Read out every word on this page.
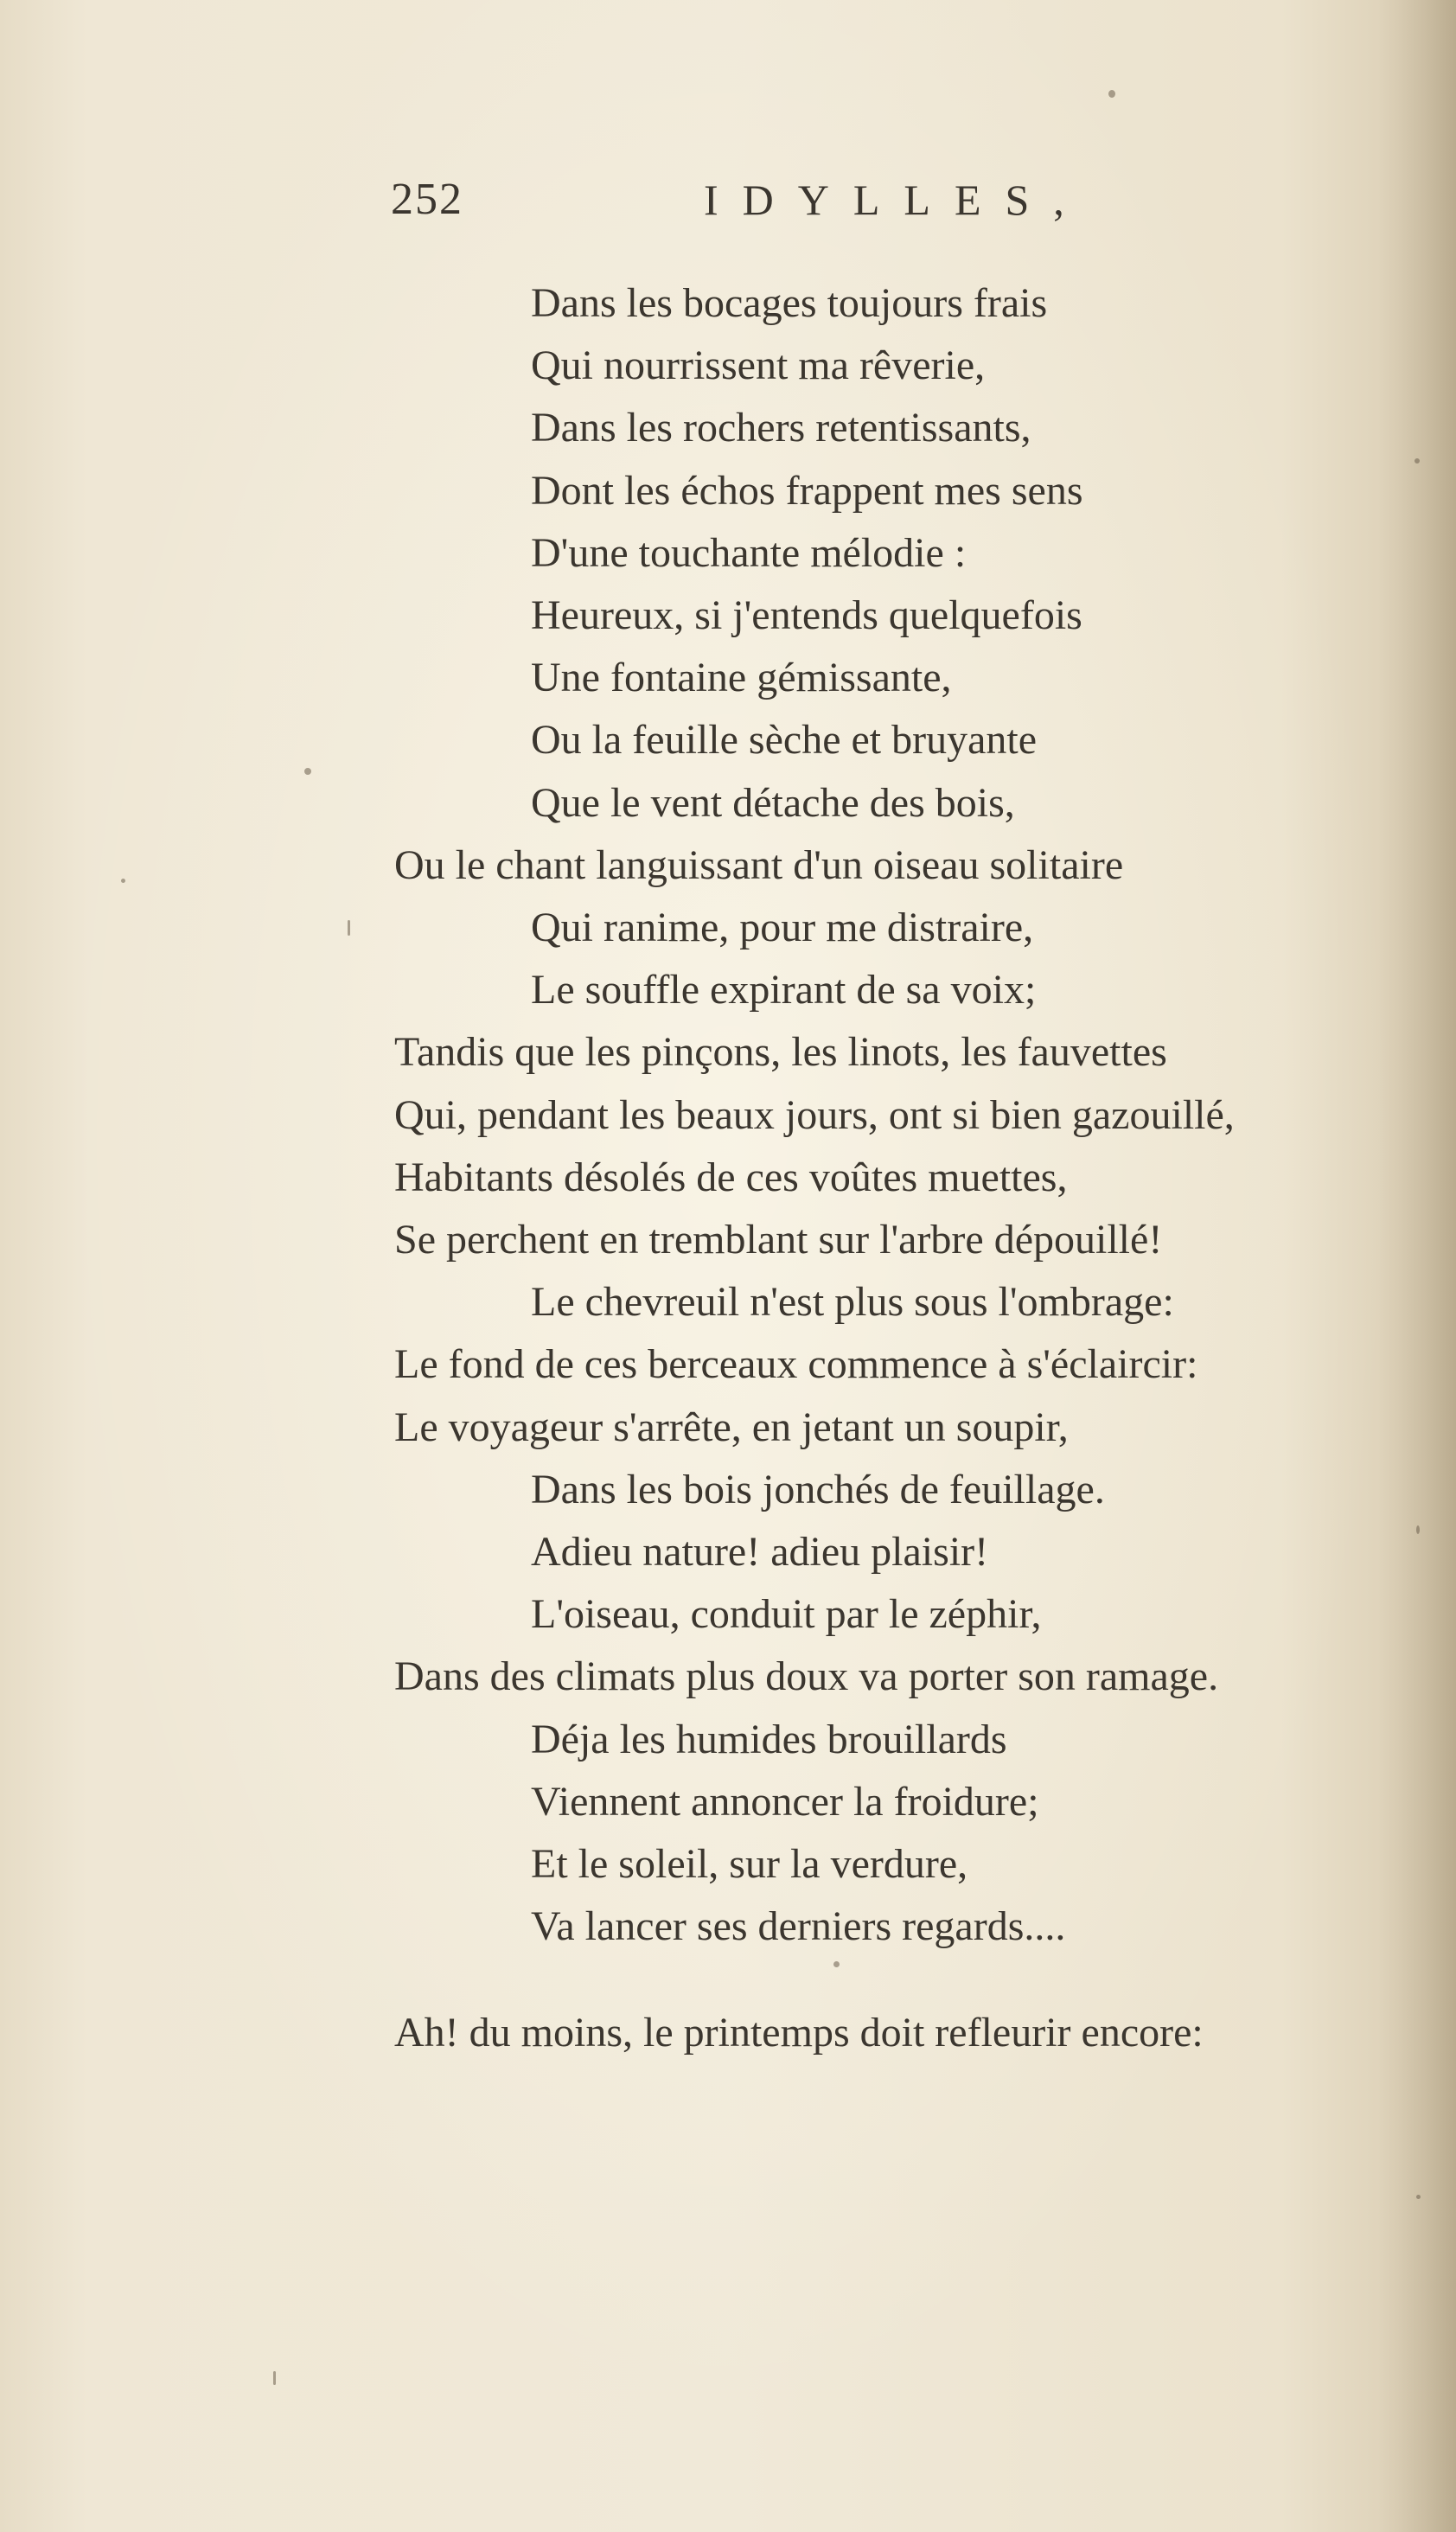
252	IDYLLES,
Dans les bocages toujours frais
Qui nourrissent ma rêverie,
Dans les rochers retentissants,
Dont les échos frappent mes sens
D'une touchante mélodie :
Heureux, si j'entends quelquefois
Une fontaine gémissante,
Ou la feuille sèche et bruyante
Que le vent détache des bois,
Ou le chant languissant d'un oiseau solitaire
Qui ranime, pour me distraire,
Le souffle expirant de sa voix;
Tandis que les pinçons, les linots, les fauvettes
Qui, pendant les beaux jours, ont si bien gazouillé,
Habitants désolés de ces voûtes muettes,
Se perchent en tremblant sur l'arbre dépouillé!
Le chevreuil n'est plus sous l'ombrage:
Le fond de ces berceaux commence à s'éclaircir:
Le voyageur s'arrête, en jetant un soupir,
Dans les bois jonchés de feuillage.
Adieu nature! adieu plaisir!
L'oiseau, conduit par le zéphir,
Dans des climats plus doux va porter son ramage.
Déja les humides brouillards
Viennent annoncer la froidure;
Et le soleil, sur la verdure,
Va lancer ses derniers regards....
Ah! du moins, le printemps doit refleurir encore:
